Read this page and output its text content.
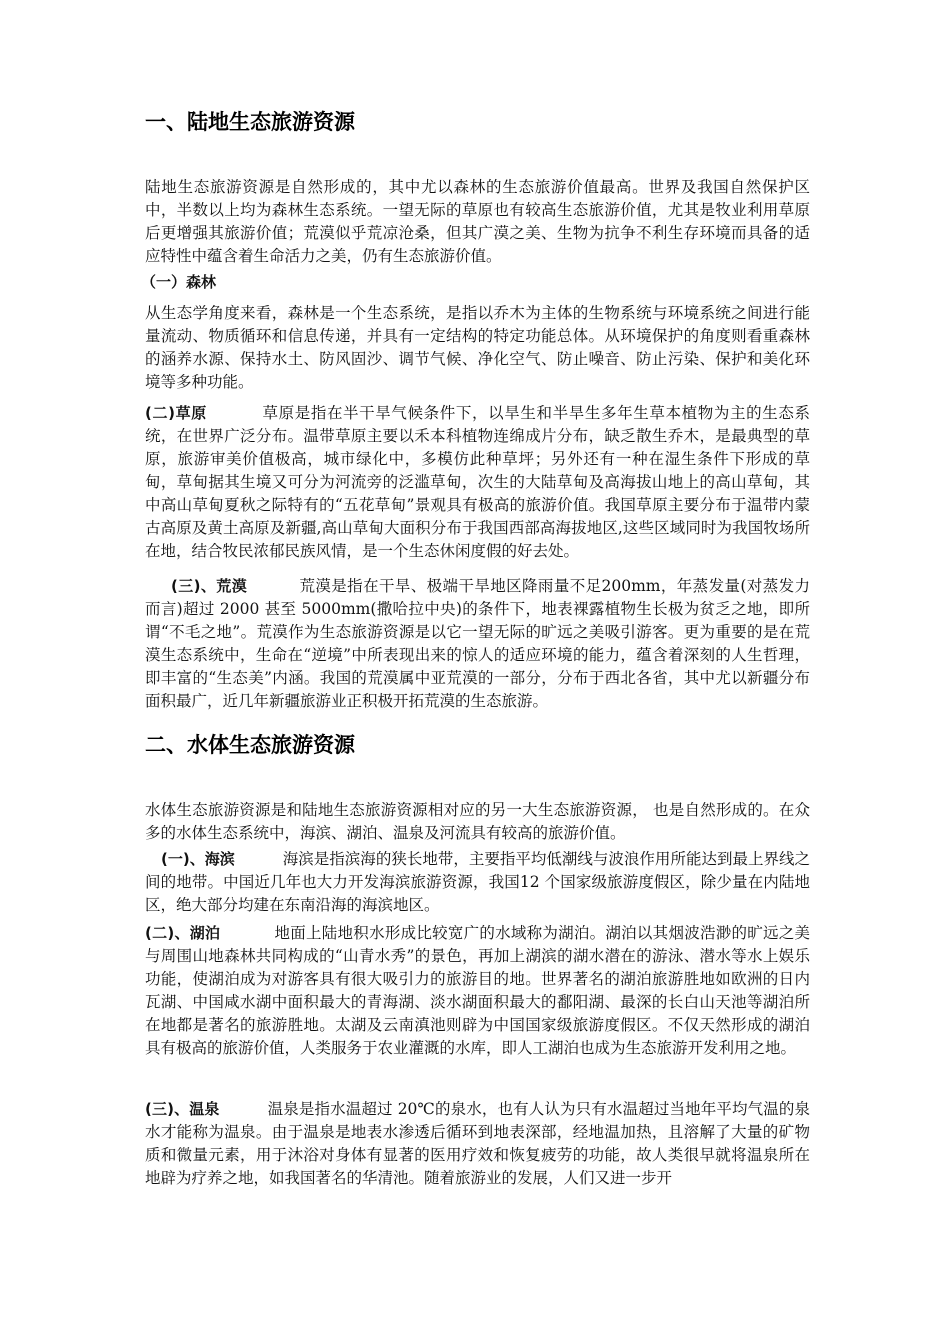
一、陆地生态旅游资源
陆地生态旅游资源是自然形成的，其中尤以森林的生态旅游价值最高。世界及我国自然保护区中，半数以上均为森林生态系统。一望无际的草原也有较高生态旅游价值，尤其是牧业利用草原后更增强其旅游价值；荒漠似乎荒凉沧桑，但其广漠之美、生物为抗争不利生存环境而具备的适应特性中蕴含着生命活力之美，仍有生态旅游价值。
（一）森林
从生态学角度来看，森林是一个生态系统，是指以乔木为主体的生物系统与环境系统之间进行能量流动、物质循环和信息传递，并具有一定结构的特定功能总体。从环境保护的角度则看重森林的涵养水源、保持水土、防风固沙、调节气候、净化空气、防止噪音、防止污染、保护和美化环境等多种功能。
(二)草原	草原是指在半干旱气候条件下，以旱生和半旱生多年生草本植物为主的生态系统，在世界广泛分布。温带草原主要以禾本科植物连绵成片分布，缺乏散生乔木，是最典型的草原，旅游审美价值极高，城市绿化中，多模仿此种草坪；另外还有一种在湿生条件下形成的草甸，草甸据其生境又可分为河流旁的泛滥草甸，次生的大陆草甸及高海拔山地上的高山草甸，其中高山草甸夏秋之际特有的“五花草甸”景观具有极高的旅游价值。我国草原主要分布于温带内蒙古高原及黄土高原及新疆,高山草甸大面积分布于我国西部高海拔地区,这些区域同时为我国牧场所在地，结合牧民浓郁民族风情，是一个生态休闲度假的好去处。
(三)、荒漠	荒漠是指在干旱、极端干旱地区降雨量不足200mm，年蒸发量(对蒸发力而言)超过 2000 甚至 5000mm(撒哈拉中央)的条件下，地表裸露植物生长极为贫乏之地，即所谓“不毛之地”。荒漠作为生态旅游资源是以它一望无际的旷远之美吸引游客。更为重要的是在荒漠生态系统中，生命在“逆境”中所表现出来的惊人的适应环境的能力，蕴含着深刻的人生哲理，即丰富的“生态美”内涵。我国的荒漠属中亚荒漠的一部分，分布于西北各省，其中尤以新疆分布面积最广，近几年新疆旅游业正积极开拓荒漠的生态旅游。
二、水体生态旅游资源
水体生态旅游资源是和陆地生态旅游资源相对应的另一大生态旅游资源， 也是自然形成的。在众多的水体生态系统中，海滨、湖泊、温泉及河流具有较高的旅游价值。
(一)、海滨	海滨是指滨海的狭长地带，主要指平均低潮线与波浪作用所能达到最上界线之间的地带。中国近几年也大力开发海滨旅游资源，我国12 个国家级旅游度假区，除少量在内陆地区，绝大部分均建在东南沿海的海滨地区。
(二)、湖泊	地面上陆地积水形成比较宽广的水域称为湖泊。湖泊以其烟波浩渺的旷远之美与周围山地森林共同构成的“山青水秀”的景色，再加上湖滨的湖水潜在的游泳、潜水等水上娱乐功能，使湖泊成为对游客具有很大吸引力的旅游目的地。世界著名的湖泊旅游胜地如欧洲的日内瓦湖、中国咸水湖中面积最大的青海湖、淡水湖面积最大的鄱阳湖、最深的长白山天池等湖泊所在地都是著名的旅游胜地。太湖及云南滇池则辟为中国国家级旅游度假区。不仅天然形成的湖泊具有极高的旅游价值，人类服务于农业灌溉的水库，即人工湖泊也成为生态旅游开发利用之地。
(三)、温泉	温泉是指水温超过 20℃的泉水，也有人认为只有水温超过当地年平均气温的泉水才能称为温泉。由于温泉是地表水渗透后循环到地表深部，经地温加热，且溶解了大量的矿物质和微量元素，用于沐浴对身体有显著的医用疗效和恢复疲劳的功能，故人类很早就将温泉所在地辟为疗养之地，如我国著名的华清池。随着旅游业的发展，人们又进一步开
